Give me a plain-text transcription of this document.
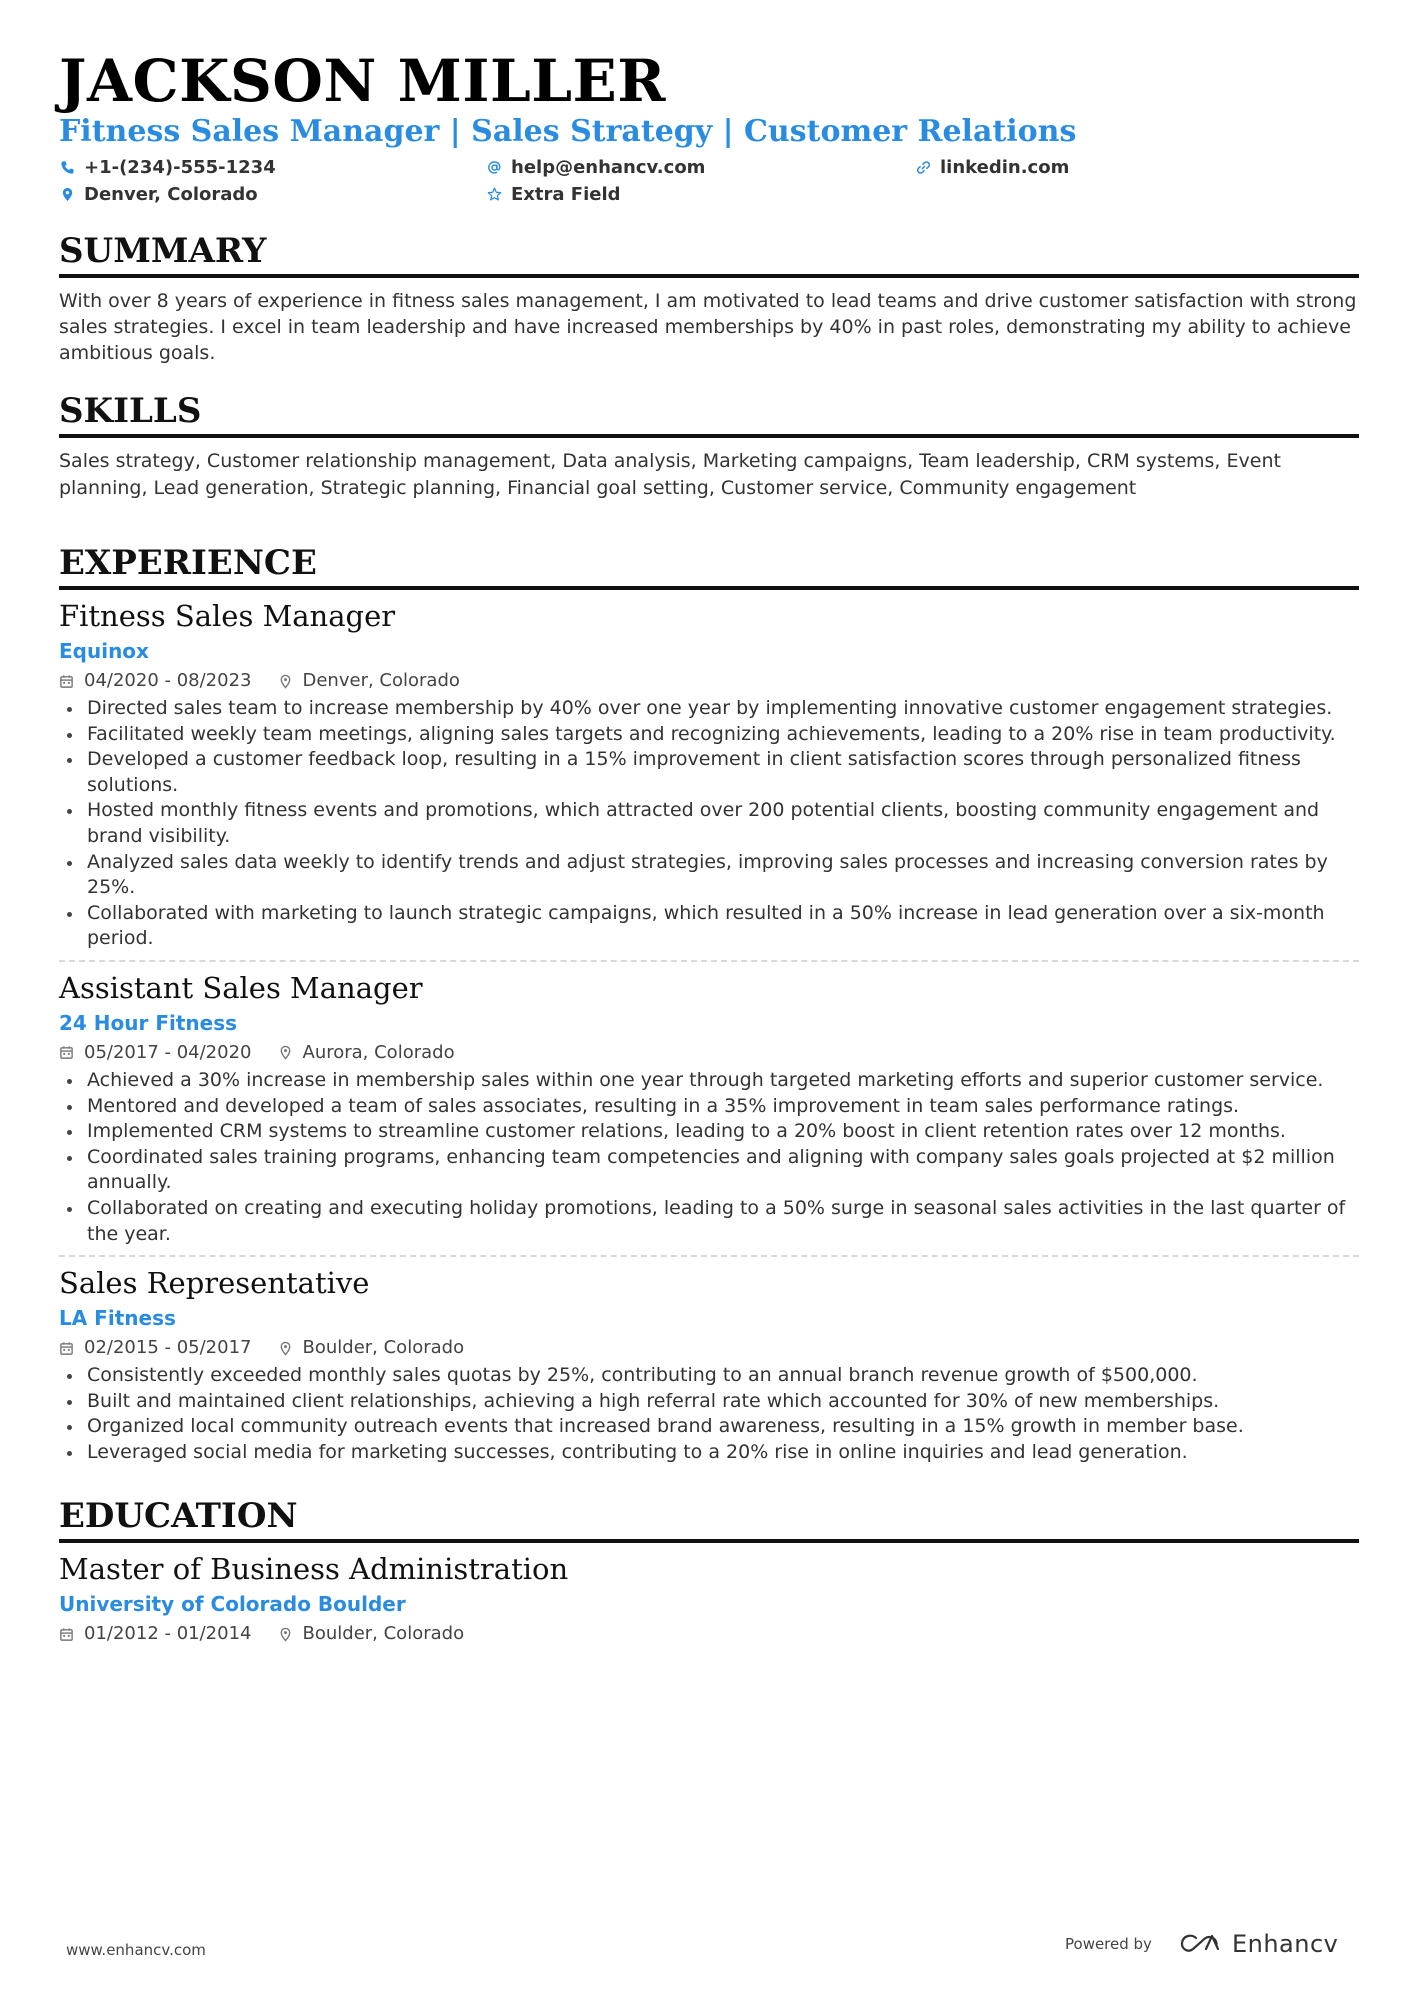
JACKSON MILLER
Fitness Sales Manager | Sales Strategy | Customer Relations
+1-(234)-555-1234	help@enhancv.com	linkedin.com
Denver, Colorado	Extra Field
SUMMARY
With over 8 years of experience in fitness sales management, I am motivated to lead teams and drive customer satisfaction with strong sales strategies. I excel in team leadership and have increased memberships by 40% in past roles, demonstrating my ability to achieve ambitious goals.
SKILLS
Sales strategy, Customer relationship management, Data analysis, Marketing campaigns, Team leadership, CRM systems, Event planning, Lead generation, Strategic planning, Financial goal setting, Customer service, Community engagement
EXPERIENCE
Fitness Sales Manager
Equinox
04/2020 - 08/2023	Denver, Colorado
Directed sales team to increase membership by 40% over one year by implementing innovative customer engagement strategies.
Facilitated weekly team meetings, aligning sales targets and recognizing achievements, leading to a 20% rise in team productivity.
Developed a customer feedback loop, resulting in a 15% improvement in client satisfaction scores through personalized fitness solutions.
Hosted monthly fitness events and promotions, which attracted over 200 potential clients, boosting community engagement and brand visibility.
Analyzed sales data weekly to identify trends and adjust strategies, improving sales processes and increasing conversion rates by 25%.
Collaborated with marketing to launch strategic campaigns, which resulted in a 50% increase in lead generation over a six-month period.
Assistant Sales Manager
24 Hour Fitness
05/2017 - 04/2020	Aurora, Colorado
Achieved a 30% increase in membership sales within one year through targeted marketing efforts and superior customer service.
Mentored and developed a team of sales associates, resulting in a 35% improvement in team sales performance ratings.
Implemented CRM systems to streamline customer relations, leading to a 20% boost in client retention rates over 12 months.
Coordinated sales training programs, enhancing team competencies and aligning with company sales goals projected at $2 million annually.
Collaborated on creating and executing holiday promotions, leading to a 50% surge in seasonal sales activities in the last quarter of the year.
Sales Representative
LA Fitness
02/2015 - 05/2017	Boulder, Colorado
Consistently exceeded monthly sales quotas by 25%, contributing to an annual branch revenue growth of $500,000.
Built and maintained client relationships, achieving a high referral rate which accounted for 30% of new memberships.
Organized local community outreach events that increased brand awareness, resulting in a 15% growth in member base.
Leveraged social media for marketing successes, contributing to a 20% rise in online inquiries and lead generation.
EDUCATION
Master of Business Administration
University of Colorado Boulder
01/2012 - 01/2014	Boulder, Colorado
www.enhancv.com	Powered by	Enhancv
